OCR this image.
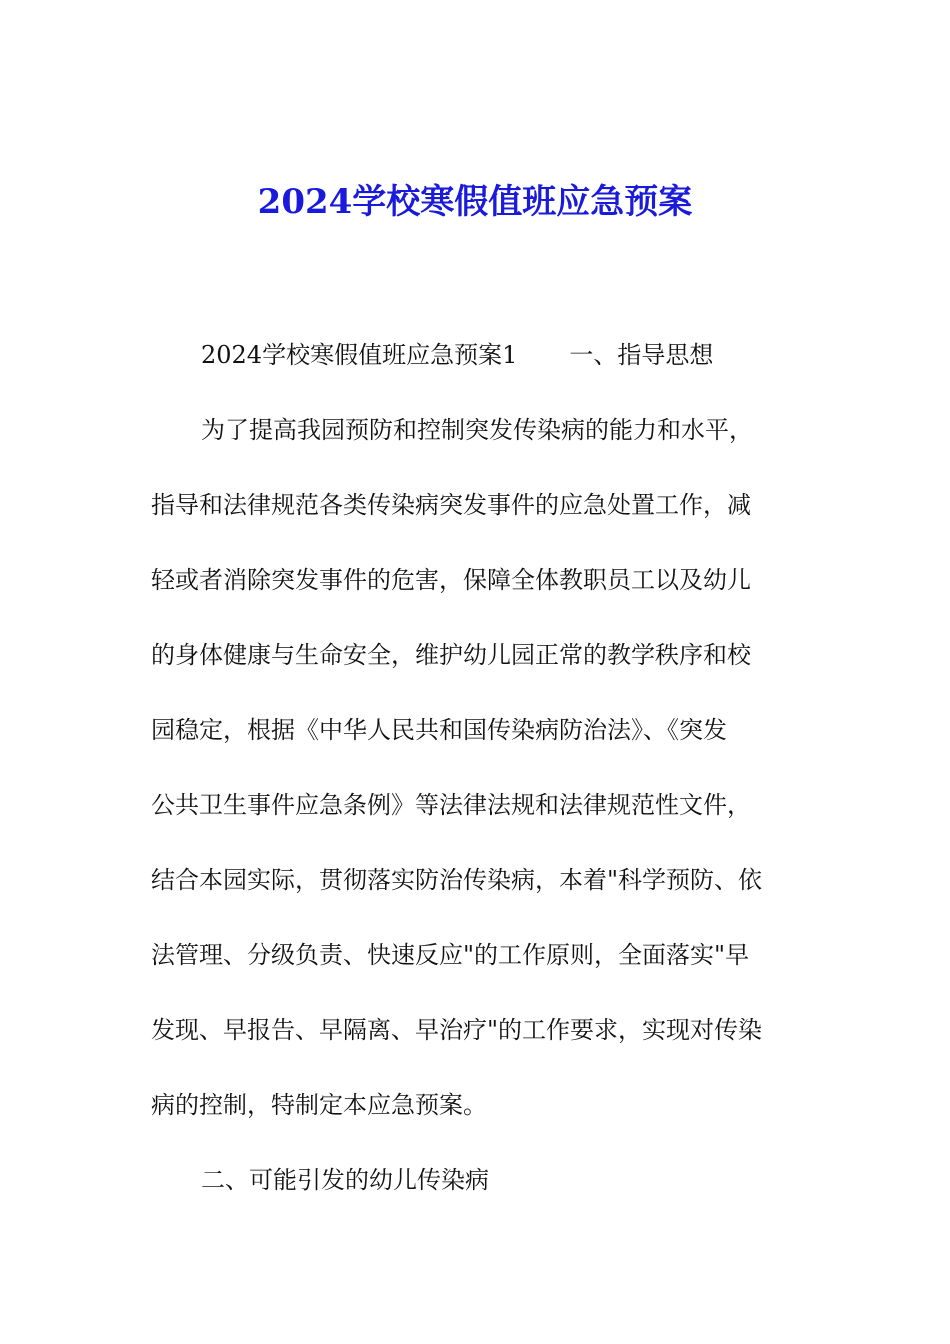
2024学校寒假值班应急预案
2024学校寒假值班应急预案1 一、指导思想
为了提高我园预防和控制突发传染病的能力和水平，
指导和法律规范各类传染病突发事件的应急处置工作，减
轻或者消除突发事件的危害，保障全体教职员工以及幼儿
的身体健康与生命安全，维护幼儿园正常的教学秩序和校
园稳定，根据《中华人民共和国传染病防治法》、《突发
公共卫生事件应急条例》等法律法规和法律规范性文件，
结合本园实际，贯彻落实防治传染病，本着"科学预防、依
法管理、分级负责、快速反应"的工作原则，全面落实"早
发现、早报告、早隔离、早治疗"的工作要求，实现对传染
病的控制，特制定本应急预案。
二、可能引发的幼儿传染病
